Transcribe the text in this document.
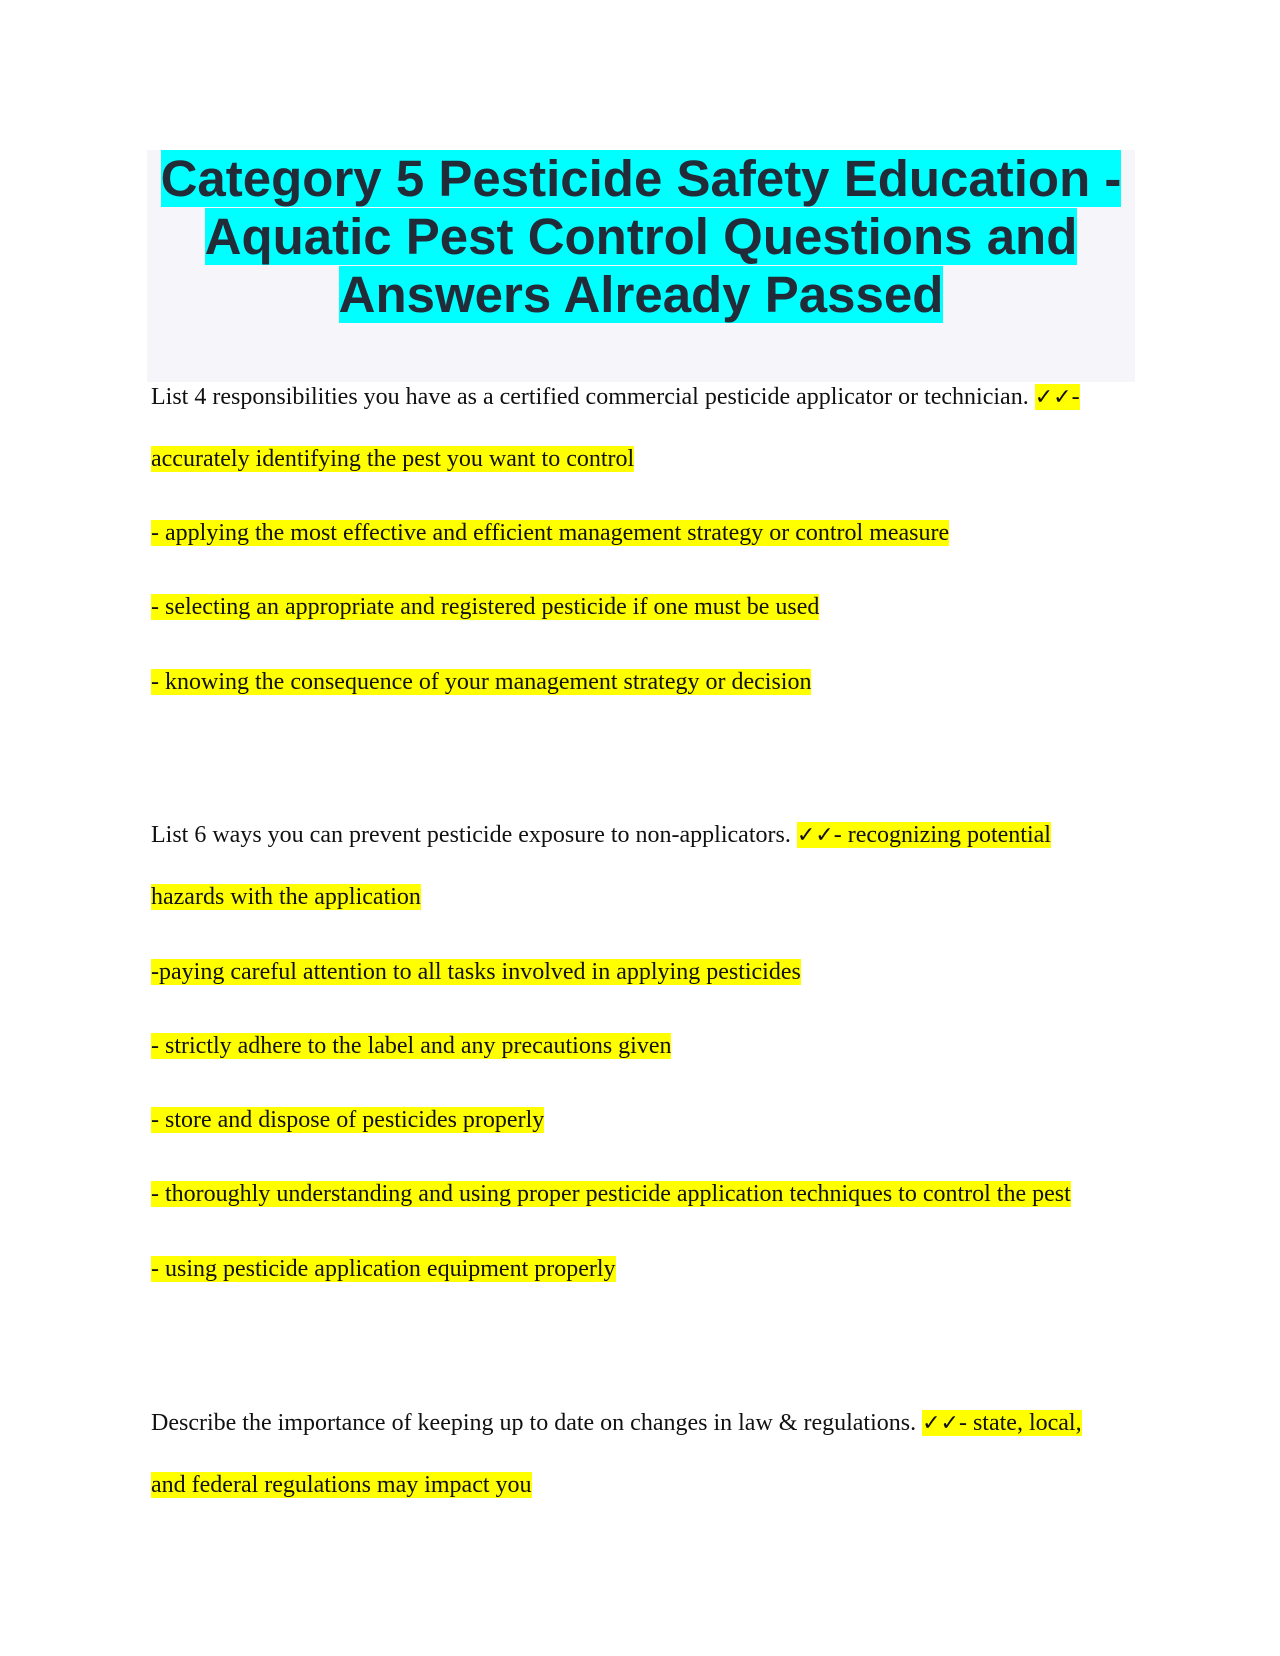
Category 5 Pesticide Safety Education -
Aquatic Pest Control Questions and
Answers Already Passed
List 4 responsibilities you have as a certified commercial pesticide applicator or technician. ✓✓-
accurately identifying the pest you want to control
- applying the most effective and efficient management strategy or control measure
- selecting an appropriate and registered pesticide if one must be used
- knowing the consequence of your management strategy or decision
List 6 ways you can prevent pesticide exposure to non-applicators. ✓✓- recognizing potential
hazards with the application
-paying careful attention to all tasks involved in applying pesticides
- strictly adhere to the label and any precautions given
- store and dispose of pesticides properly
- thoroughly understanding and using proper pesticide application techniques to control the pest
- using pesticide application equipment properly
Describe the importance of keeping up to date on changes in law & regulations. ✓✓- state, local,
and federal regulations may impact you
